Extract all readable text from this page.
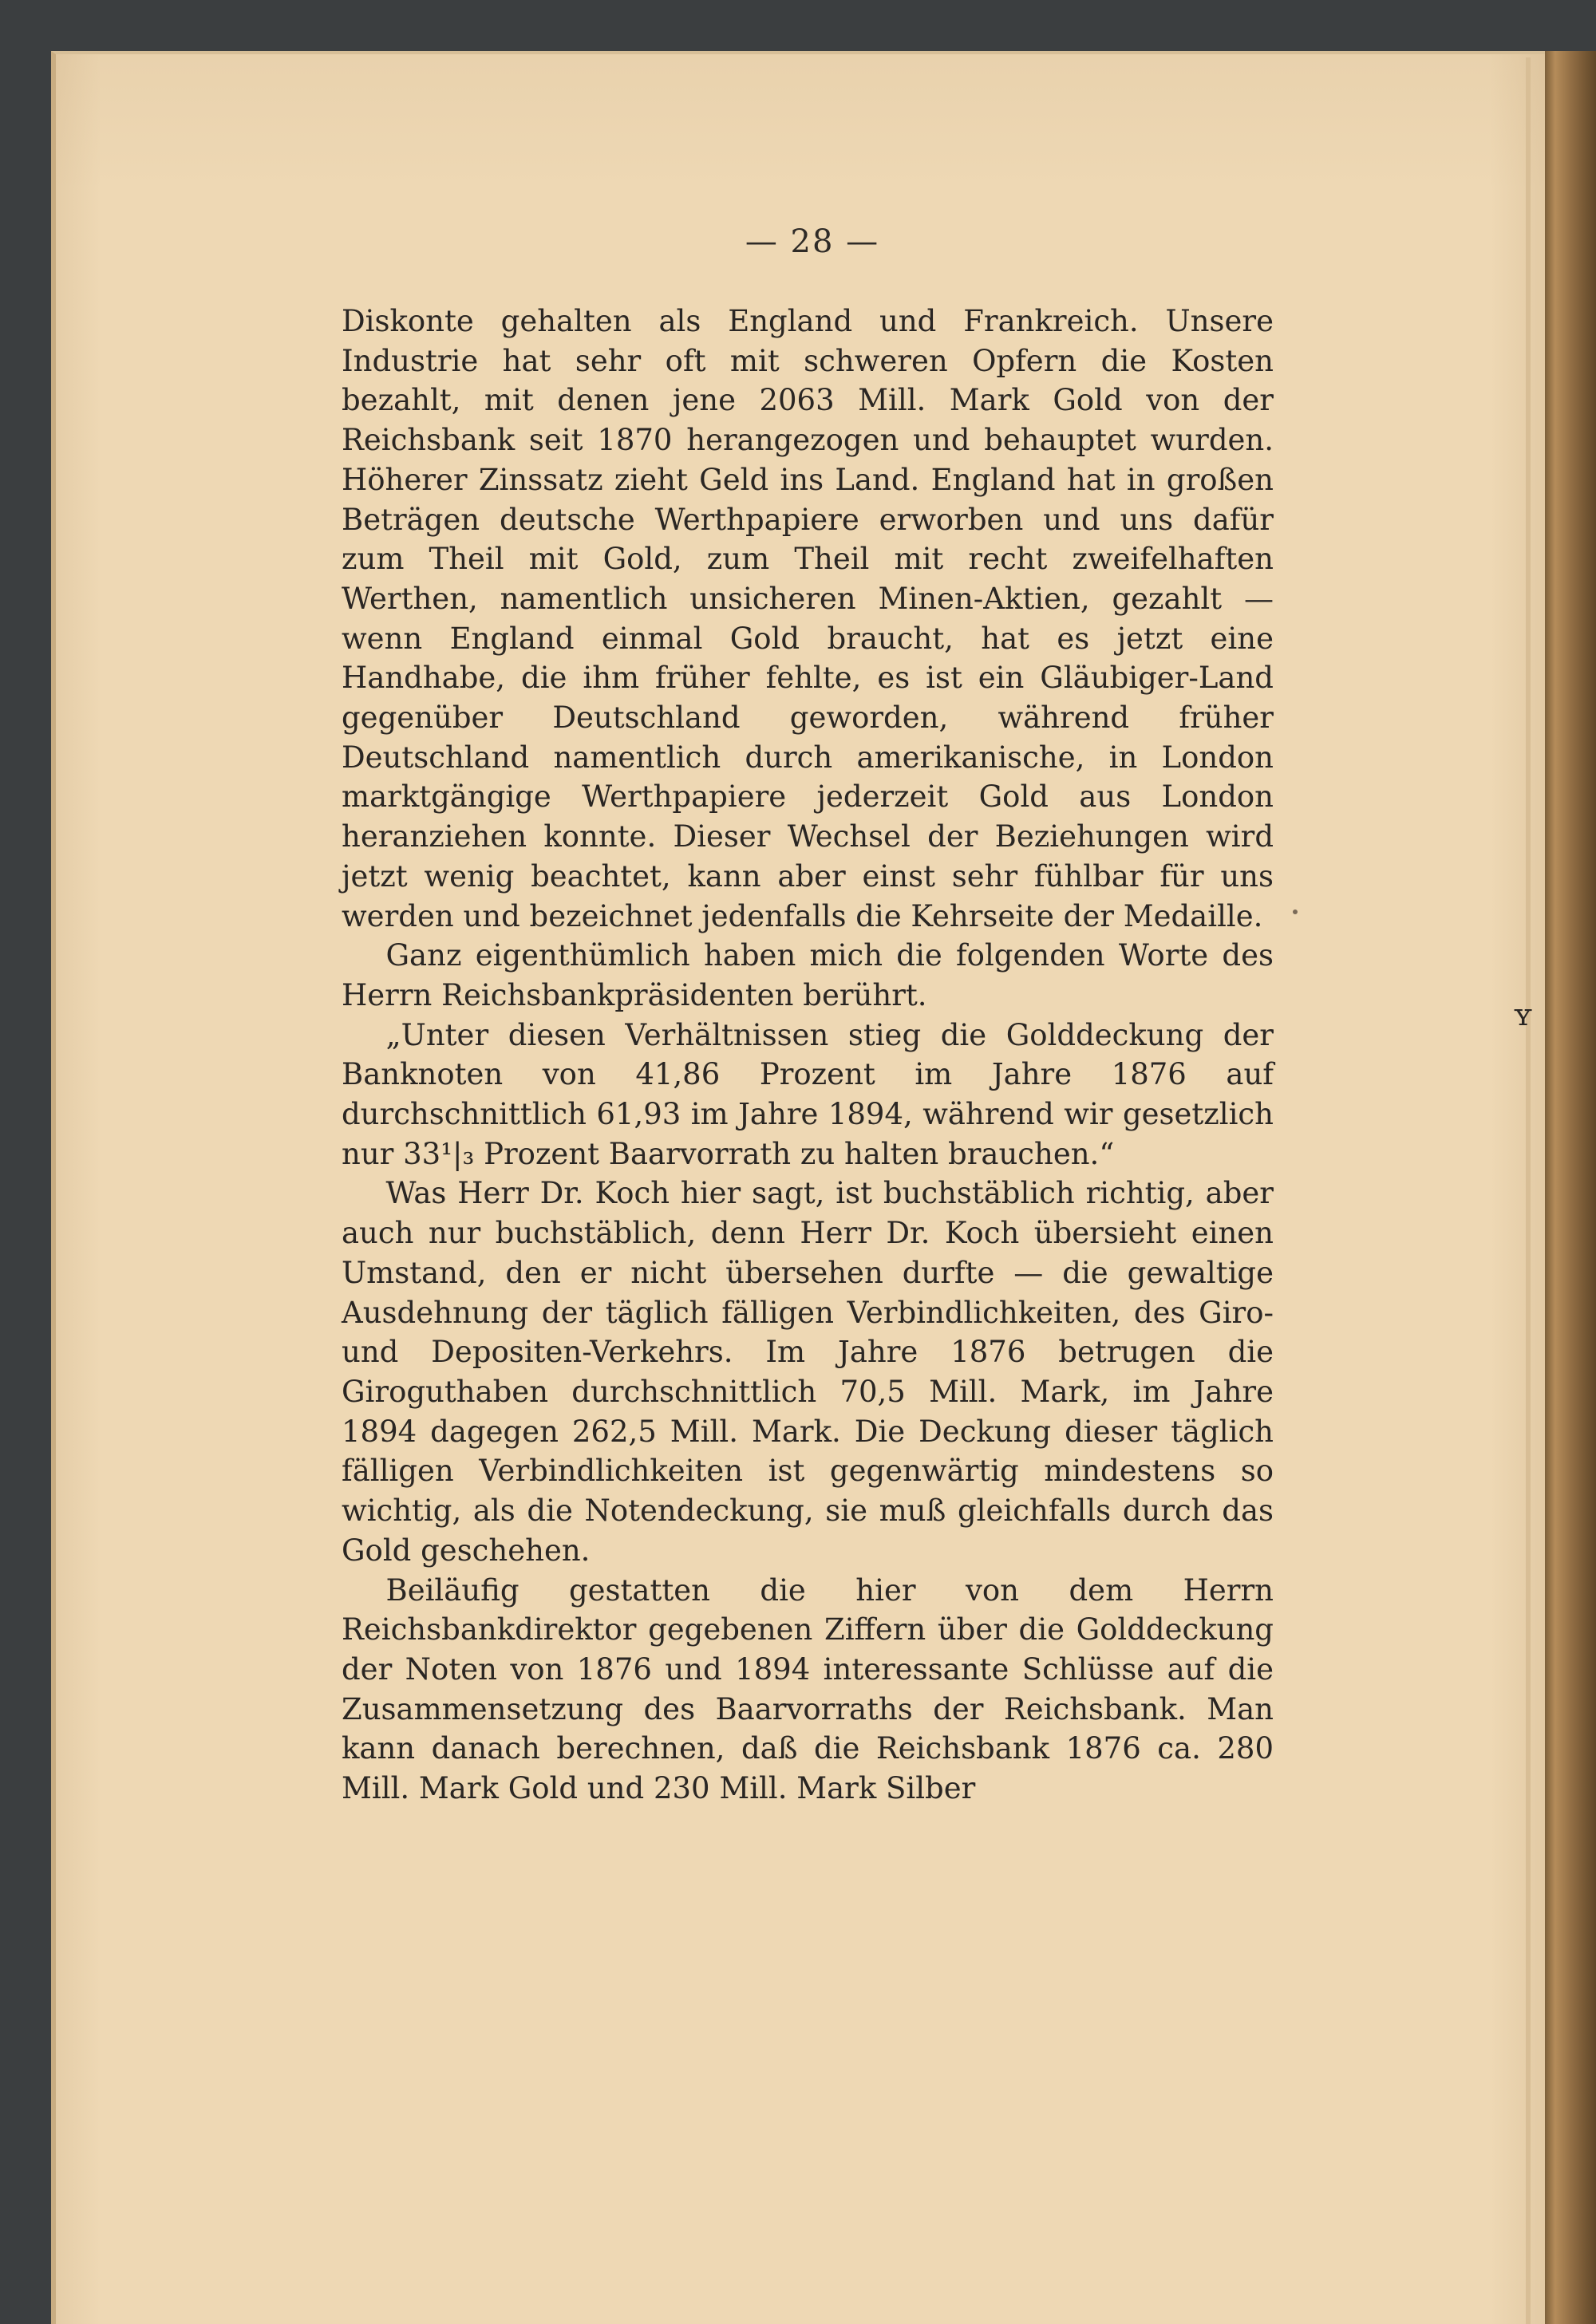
— 28 —

Diskonte gehalten als England und Frankreich. Unsere Industrie hat sehr oft mit schweren Opfern die Kosten bezahlt, mit denen jene 2063 Mill. Mark Gold von der Reichsbank seit 1870 herangezogen und behauptet wurden. Höherer Zinssatz zieht Geld ins Land. England hat in großen Beträgen deutsche Werthpapiere erworben und uns dafür zum Theil mit Gold, zum Theil mit recht zweifelhaften Werthen, namentlich unsicheren Minen-Aktien, gezahlt — wenn England einmal Gold braucht, hat es jetzt eine Handhabe, die ihm früher fehlte, es ist ein Gläubiger-Land gegenüber Deutschland geworden, während früher Deutschland namentlich durch amerikanische, in London marktgängige Werthpapiere jederzeit Gold aus London heranziehen konnte. Dieser Wechsel der Beziehungen wird jetzt wenig beachtet, kann aber einst sehr fühlbar für uns werden und bezeichnet jedenfalls die Kehrseite der Medaille.

Ganz eigenthümlich haben mich die folgenden Worte des Herrn Reichsbankpräsidenten berührt.

„Unter diesen Verhältnissen stieg die Golddeckung der Banknoten von 41,86 Prozent im Jahre 1876 auf durchschnittlich 61,93 im Jahre 1894, während wir gesetzlich nur 33¹|₃ Prozent Baarvorrath zu halten brauchen.“

Was Herr Dr. Koch hier sagt, ist buchstäblich richtig, aber auch nur buchstäblich, denn Herr Dr. Koch übersieht einen Umstand, den er nicht übersehen durfte — die gewaltige Ausdehnung der täglich fälligen Verbindlichkeiten, des Giro- und Depositen-Verkehrs. Im Jahre 1876 betrugen die Giroguthaben durchschnittlich 70,5 Mill. Mark, im Jahre 1894 dagegen 262,5 Mill. Mark. Die Deckung dieser täglich fälligen Verbindlichkeiten ist gegenwärtig mindestens so wichtig, als die Notendeckung, sie muß gleichfalls durch das Gold geschehen.

Beiläufig gestatten die hier von dem Herrn Reichsbankdirektor gegebenen Ziffern über die Golddeckung der Noten von 1876 und 1894 interessante Schlüsse auf die Zusammensetzung des Baarvorraths der Reichsbank. Man kann danach berechnen, daß die Reichsbank 1876 ca. 280 Mill. Mark Gold und 230 Mill. Mark Silber

ʏ
